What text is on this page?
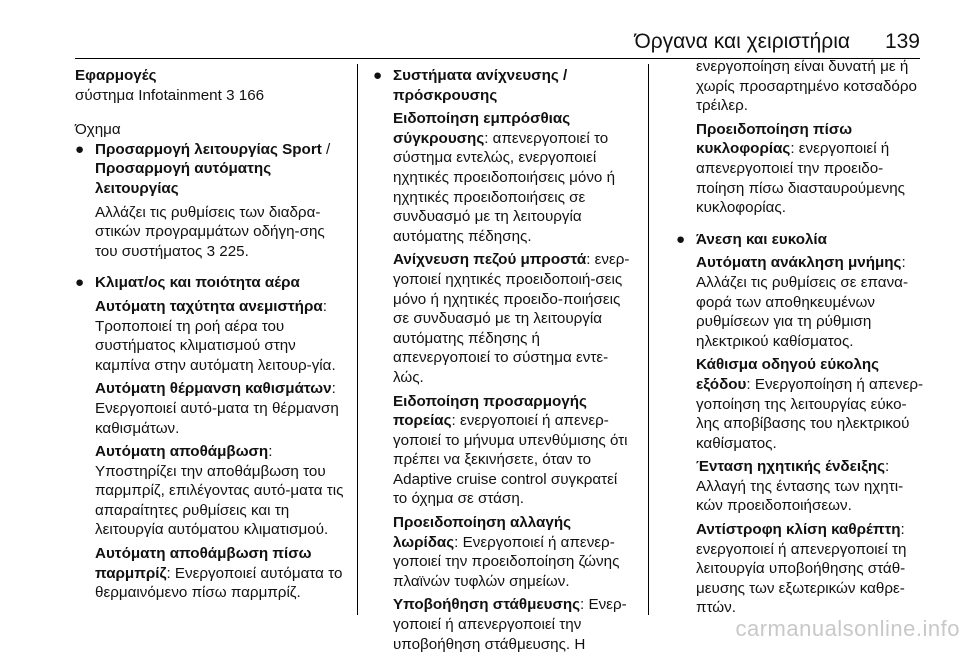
Όργανα και χειριστήρια 139
Εφαρμογές
σύστημα Infotainment 3 166
Όχημα
● Προσαρμογή λειτουργίας Sport / Προσαρμογή αυτόματης λειτουργίας
Αλλάζει τις ρυθμίσεις των διαδρα-στικών προγραμμάτων οδήγη-σης του συστήματος 3 225.
● Κλιματ/ος και ποιότητα αέρα
Αυτόματη ταχύτητα ανεμιστήρα: Τροποποιεί τη ροή αέρα του συστήματος κλιματισμού στην καμπίνα στην αυτόματη λειτουρ-γία.
Αυτόματη θέρμανση καθισμάτων: Ενεργοποιεί αυτό-ματα τη θέρμανση καθισμάτων.
Αυτόματη αποθάμβωση: Υποστηρίζει την αποθάμβωση του παρμπρίζ, επιλέγοντας αυτό-ματα τις απαραίτητες ρυθμίσεις και τη λειτουργία αυτόματου κλιματισμού.
Αυτόματη αποθάμβωση πίσω παρμπρίζ: Ενεργοποιεί αυτόματα το θερμαινόμενο πίσω παρμπρίζ.
● Συστήματα ανίχνευσης / πρόσκρουσης
Ειδοποίηση εμπρόσθιας σύγκρουσης: απενεργοποιεί το σύστημα εντελώς, ενεργοποιεί ηχητικές προειδοποιήσεις μόνο ή ηχητικές προειδοποιήσεις σε συνδυασμό με τη λειτουργία αυτόματης πέδησης.
Ανίχνευση πεζού μπροστά: ενερ-γοποιεί ηχητικές προειδοποιή-σεις μόνο ή ηχητικές προειδο-ποιήσεις σε συνδυασμό με τη λειτουργία αυτόματης πέδησης ή απενεργοποιεί το σύστημα εντε-λώς.
Ειδοποίηση προσαρμογής πορείας: ενεργοποιεί ή απενερ-γοποιεί το μήνυμα υπενθύμισης ότι πρέπει να ξεκινήσετε, όταν το Adaptive cruise control συγκρατεί το όχημα σε στάση.
Προειδοποίηση αλλαγής λωρίδας: Ενεργοποιεί ή απενερ-γοποιεί την προειδοποίηση ζώνης πλαϊνών τυφλών σημείων.
Υποβοήθηση στάθμευσης: Ενερ-γοποιεί ή απενεργοποιεί την υποβοήθηση στάθμευσης. Η
ενεργοποίηση είναι δυνατή με ή χωρίς προσαρτημένο κοτσαδόρο τρέιλερ.
Προειδοποίηση πίσω κυκλοφορίας: ενεργοποιεί ή απενεργοποιεί την προειδο-ποίηση πίσω διασταυρούμενης κυκλοφορίας.
● Άνεση και ευκολία
Αυτόματη ανάκληση μνήμης: Αλλάζει τις ρυθμίσεις σε επανα-φορά των αποθηκευμένων ρυθμίσεων για τη ρύθμιση ηλεκτρικού καθίσματος.
Κάθισμα οδηγού εύκολης εξόδου: Ενεργοποίηση ή απενερ-γοποίηση της λειτουργίας εύκο-λης αποβίβασης του ηλεκτρικού καθίσματος.
Ένταση ηχητικής ένδειξης: Αλλαγή της έντασης των ηχητι-κών προειδοποιήσεων.
Αντίστροφη κλίση καθρέπτη: ενεργοποιεί ή απενεργοποιεί τη λειτουργία υποβοήθησης στάθ-μευσης των εξωτερικών καθρε-πτών.
carmanualsonline.info
